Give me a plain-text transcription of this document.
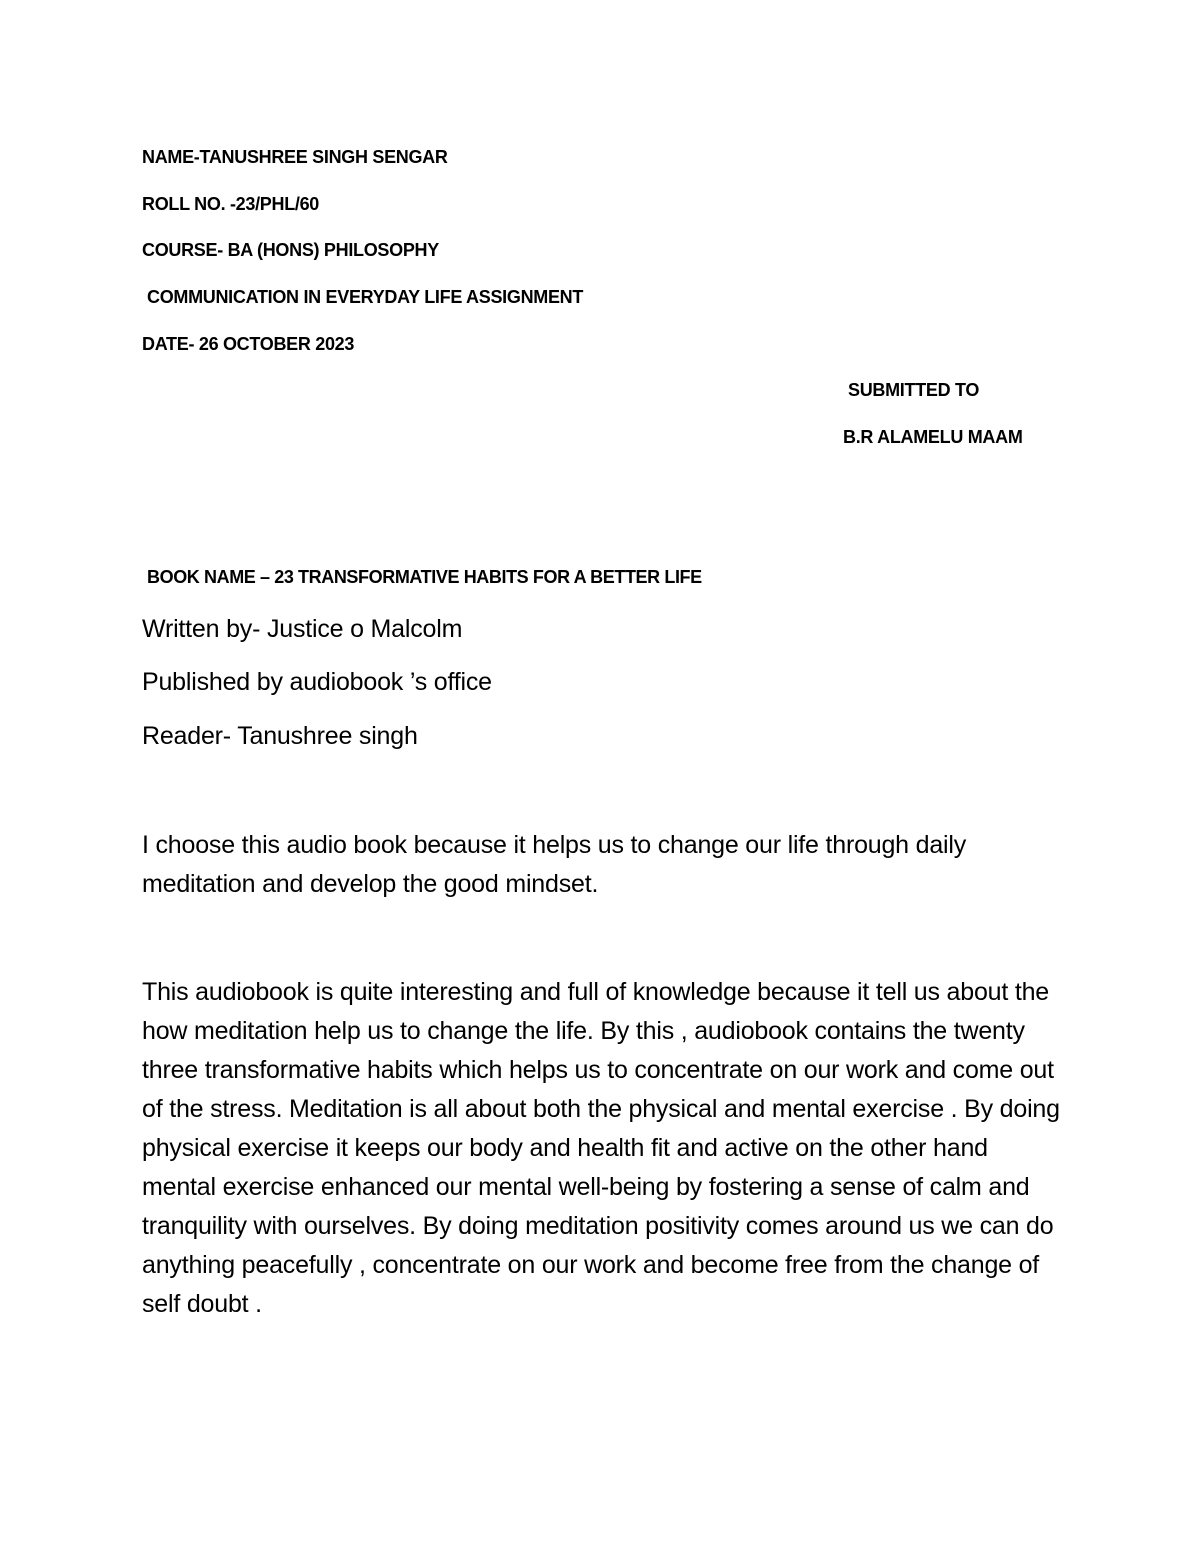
NAME-TANUSHREE SINGH SENGAR
ROLL NO. -23/PHL/60
COURSE- BA (HONS) PHILOSOPHY
COMMUNICATION IN EVERYDAY LIFE ASSIGNMENT
DATE- 26 OCTOBER 2023
SUBMITTED TO
B.R ALAMELU MAAM
BOOK NAME – 23 TRANSFORMATIVE HABITS FOR A BETTER LIFE
Written by- Justice o Malcolm
Published by audiobook ’s office
Reader- Tanushree singh
I choose this audio book because it helps us to change our life through daily meditation and develop the good mindset.
This audiobook is quite interesting and full of knowledge because it tell us about the how meditation help us to change the life. By this , audiobook contains the twenty three transformative habits which helps us to concentrate on our work and come out of the stress. Meditation is all about both the physical and mental exercise . By doing physical exercise it keeps our body and health fit and active on the other hand mental exercise enhanced our mental well-being by fostering a sense of calm and tranquility with ourselves. By doing meditation positivity comes around us we can do anything peacefully , concentrate on our work and become free from the change of self doubt .
